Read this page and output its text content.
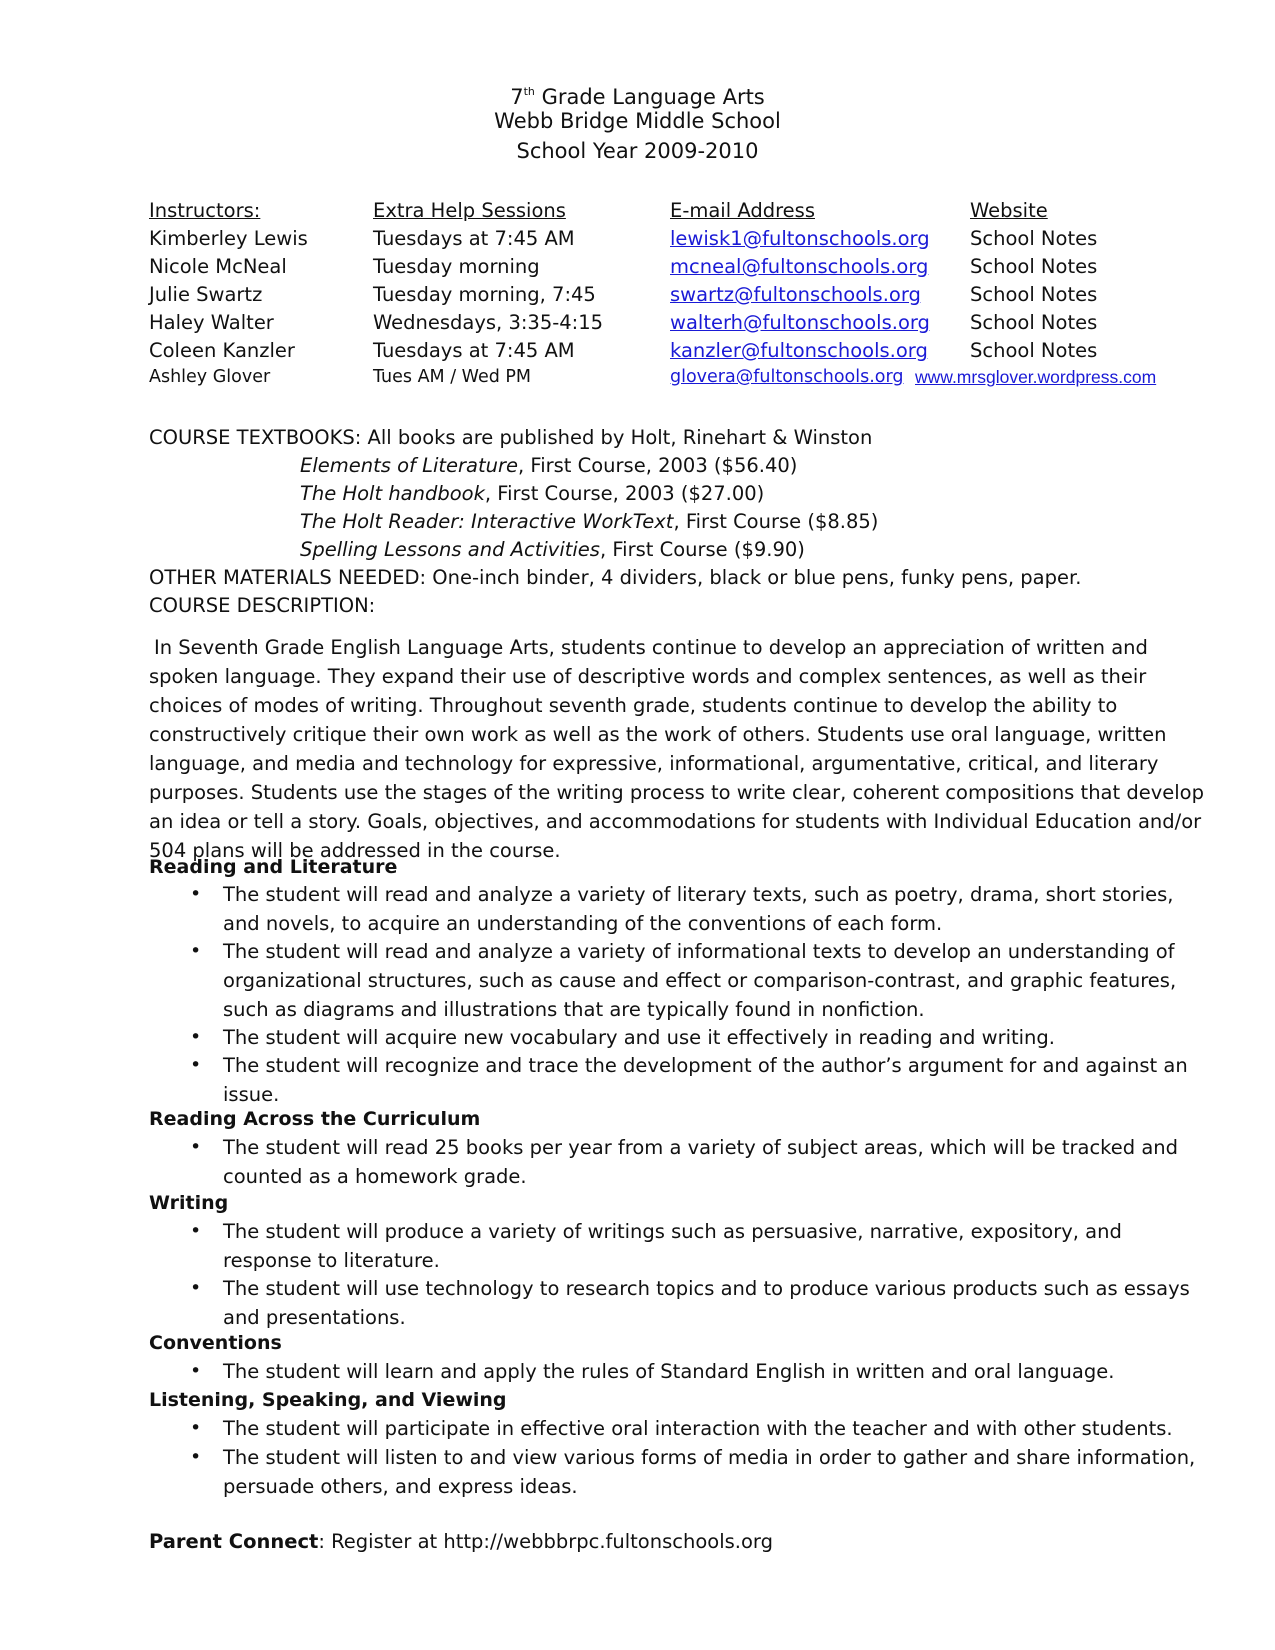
7th Grade Language Arts
Webb Bridge Middle School
School Year 2009-2010
Instructors:	Extra Help Sessions	E-mail Address	Website
Kimberley Lewis	Tuesdays at 7:45 AM	lewisk1@fultonschools.org School Notes
Nicole McNeal	Tuesday morning	mcneal@fultonschools.org School Notes
Julie Swartz	Tuesday morning, 7:45	swartz@fultonschools.org	School Notes
Haley Walter	Wednesdays, 3:35-4:15	walterh@fultonschools.org School Notes
Coleen Kanzler	Tuesdays at 7:45 AM	kanzler@fultonschools.org School Notes
Ashley Glover	Tues AM / Wed PM	glovera@fultonschools.org www.mrsglover.wordpress.com
COURSE TEXTBOOKS: All books are published by Holt, Rinehart & Winston
Elements of Literature, First Course, 2003 ($56.40)
The Holt handbook, First Course, 2003 ($27.00)
The Holt Reader: Interactive WorkText, First Course ($8.85)
Spelling Lessons and Activities, First Course ($9.90)
OTHER MATERIALS NEEDED: One-inch binder, 4 dividers, black or blue pens, funky pens, paper.
COURSE DESCRIPTION:

In Seventh Grade English Language Arts, students continue to develop an appreciation of written and spoken language. They expand their use of descriptive words and complex sentences, as well as their choices of modes of writing. Throughout seventh grade, students continue to develop the ability to constructively critique their own work as well as the work of others. Students use oral language, written language, and media and technology for expressive, informational, argumentative, critical, and literary purposes. Students use the stages of the writing process to write clear, coherent compositions that develop an idea or tell a story. Goals, objectives, and accommodations for students with Individual Education and/or 504 plans will be addressed in the course.

Reading and Literature
• The student will read and analyze a variety of literary texts, such as poetry, drama, short stories, and novels, to acquire an understanding of the conventions of each form.
• The student will read and analyze a variety of informational texts to develop an understanding of organizational structures, such as cause and effect or comparison-contrast, and graphic features, such as diagrams and illustrations that are typically found in nonfiction.
• The student will acquire new vocabulary and use it effectively in reading and writing.
• The student will recognize and trace the development of the author’s argument for and against an issue.
Reading Across the Curriculum
• The student will read 25 books per year from a variety of subject areas, which will be tracked and counted as a homework grade.
Writing
• The student will produce a variety of writings such as persuasive, narrative, expository, and response to literature.
• The student will use technology to research topics and to produce various products such as essays and presentations.
Conventions
• The student will learn and apply the rules of Standard English in written and oral language.
Listening, Speaking, and Viewing
• The student will participate in effective oral interaction with the teacher and with other students.
• The student will listen to and view various forms of media in order to gather and share information, persuade others, and express ideas.
Parent Connect: Register at http://webbbrpc.fultonschools.org
